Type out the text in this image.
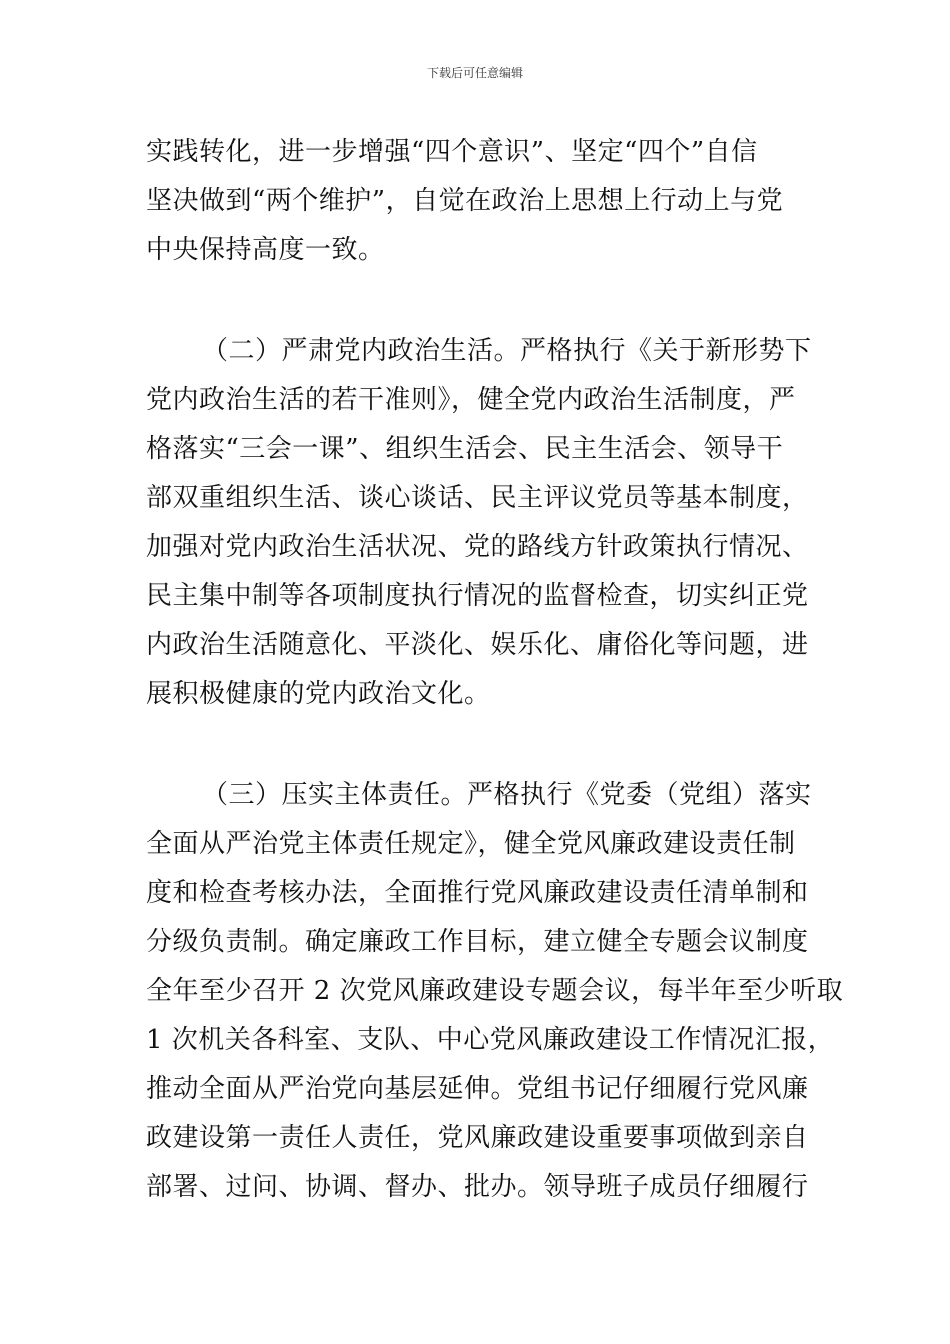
下载后可任意编辑
实践转化，进一步增强“四个意识”、坚定“四个”自信
坚决做到“两个维护”，自觉在政治上思想上行动上与党
中央保持高度一致。
（二）严肃党内政治生活。严格执行《关于新形势下
党内政治生活的若干准则》，健全党内政治生活制度，严
格落实“三会一课”、组织生活会、民主生活会、领导干
部双重组织生活、谈心谈话、民主评议党员等基本制度，
加强对党内政治生活状况、党的路线方针政策执行情况、
民主集中制等各项制度执行情况的监督检查，切实纠正党
内政治生活随意化、平淡化、娱乐化、庸俗化等问题，进
展积极健康的党内政治文化。
（三）压实主体责任。严格执行《党委（党组）落实
全面从严治党主体责任规定》，健全党风廉政建设责任制
度和检查考核办法，全面推行党风廉政建设责任清单制和
分级负责制。确定廉政工作目标，建立健全专题会议制度
全年至少召开 2 次党风廉政建设专题会议，每半年至少听取
1 次机关各科室、支队、中心党风廉政建设工作情况汇报，
推动全面从严治党向基层延伸。党组书记仔细履行党风廉
政建设第一责任人责任，党风廉政建设重要事项做到亲自
部署、过问、协调、督办、批办。领导班子成员仔细履行
